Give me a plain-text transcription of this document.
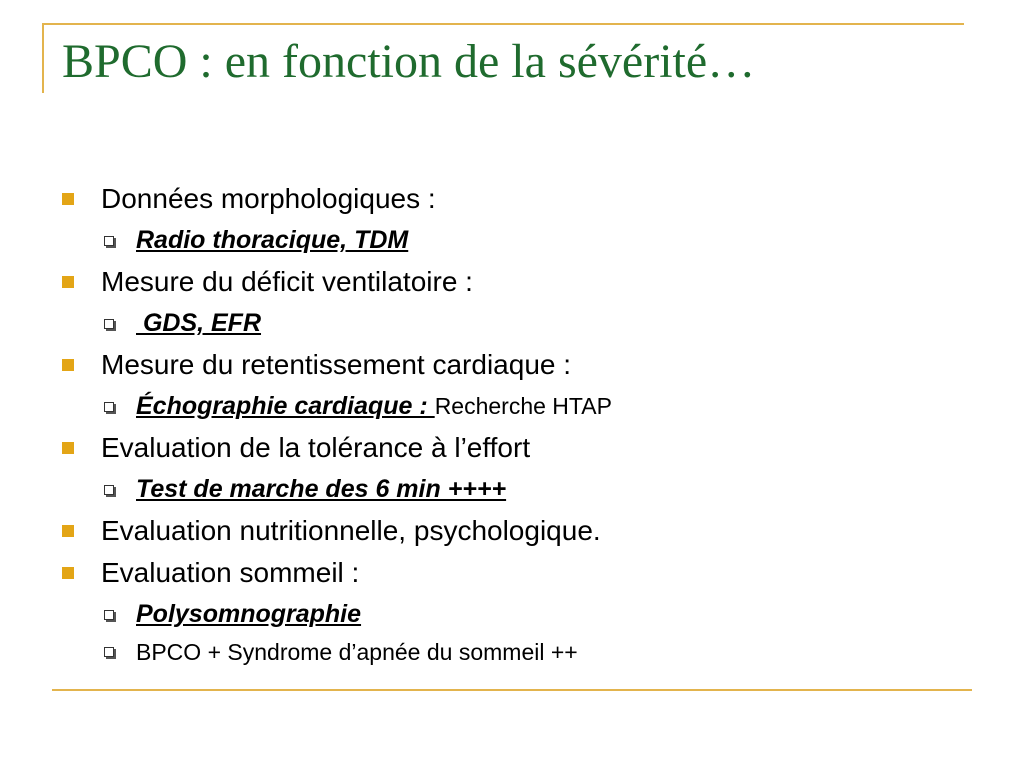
BPCO : en fonction de la sévérité…
Données morphologiques :
Radio thoracique, TDM
Mesure du déficit ventilatoire :
GDS, EFR
Mesure du retentissement cardiaque :
Échographie cardiaque : Recherche HTAP
Evaluation de la tolérance à l’effort
Test de marche des 6 min ++++
Evaluation nutritionnelle, psychologique.
Evaluation sommeil :
Polysomnographie
BPCO + Syndrome d’apnée du sommeil ++
